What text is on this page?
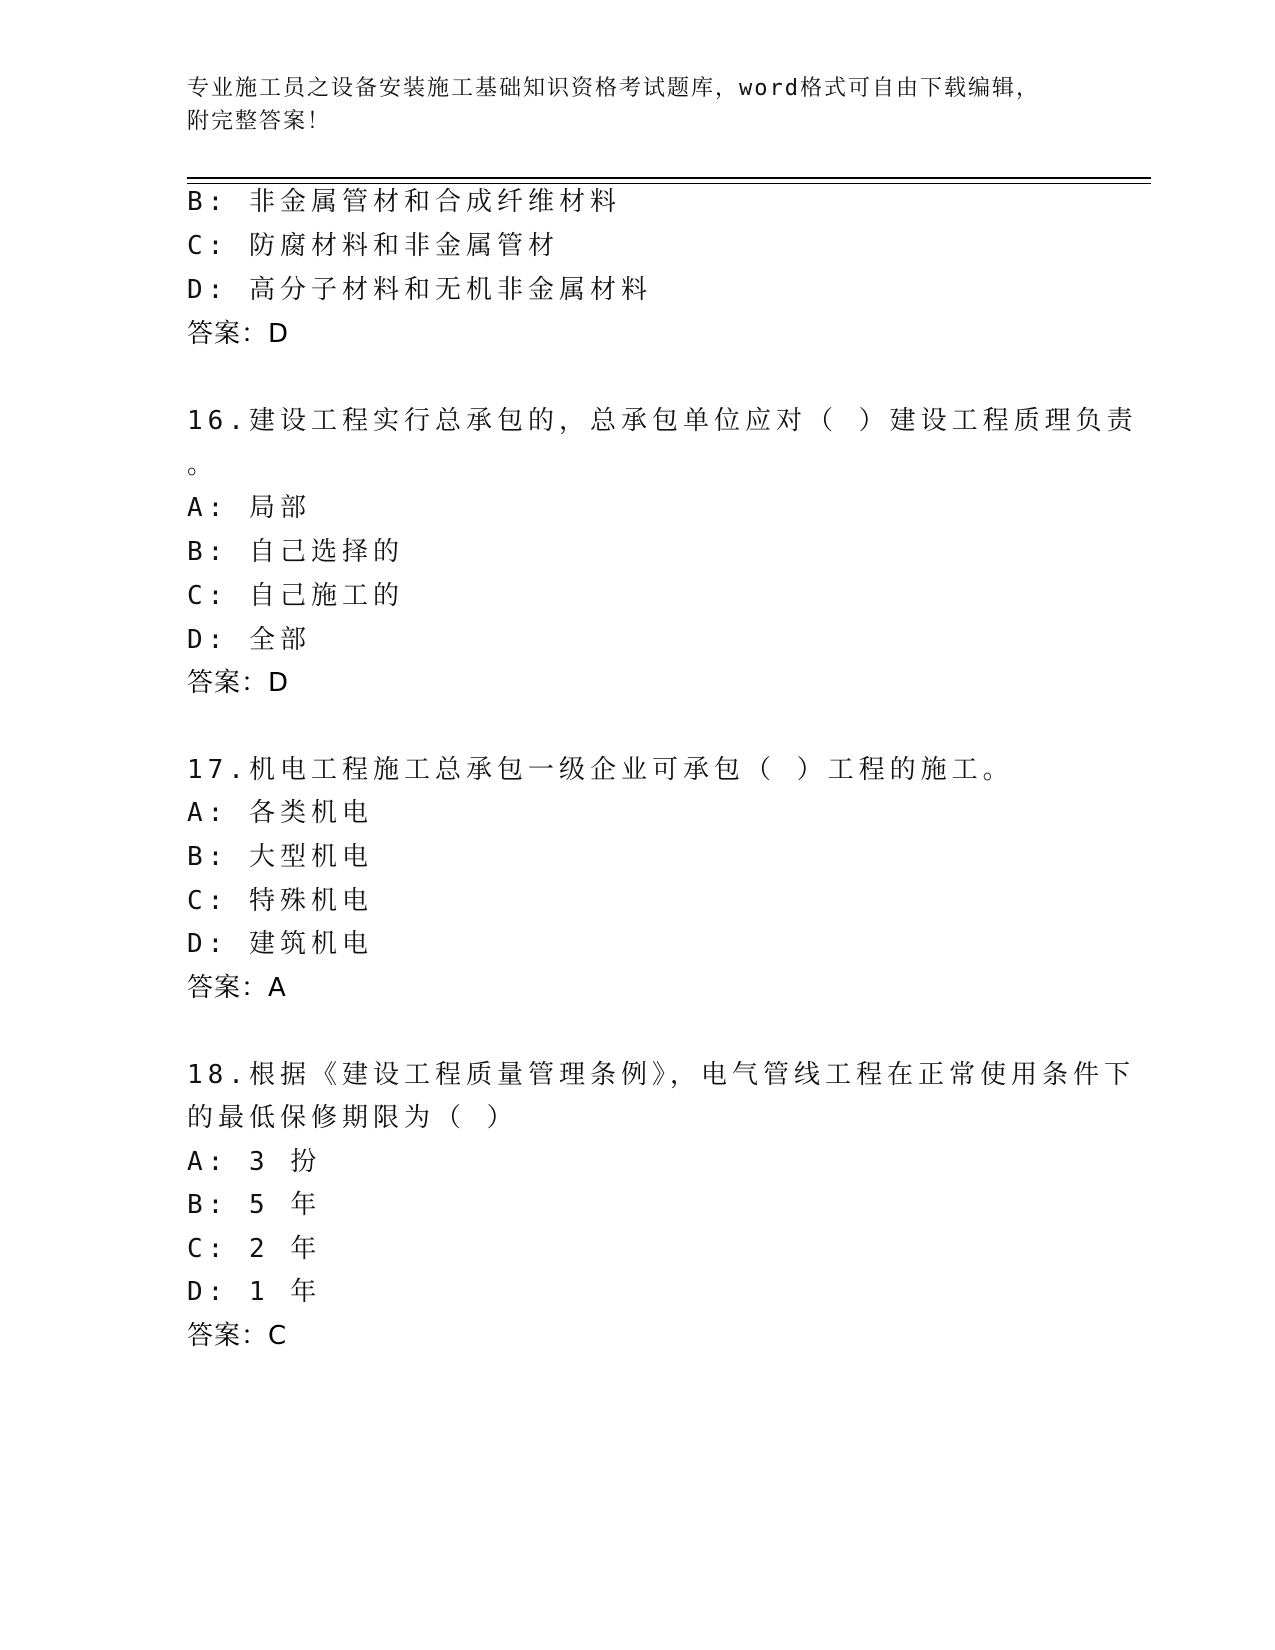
专业施工员之设备安装施工基础知识资格考试题库，word格式可自由下载编辑，
附完整答案！
B: 非金属管材和合成纤维材料
C: 防腐材料和非金属管材
D: 高分子材料和无机非金属材料
答案：D
16.建设工程实行总承包的，总承包单位应对（ ）建设工程质理负责
。
A: 局部
B: 自己选择的
C: 自己施工的
D: 全部
答案：D
17.机电工程施工总承包一级企业可承包（ ）工程的施工。
A: 各类机电
B: 大型机电
C: 特殊机电
D: 建筑机电
答案：A
18.根据《建设工程质量管理条例》，电气管线工程在正常使用条件下
的最低保修期限为（ ）
A: 3 扮
B: 5 年
C: 2 年
D: 1 年
答案：C
